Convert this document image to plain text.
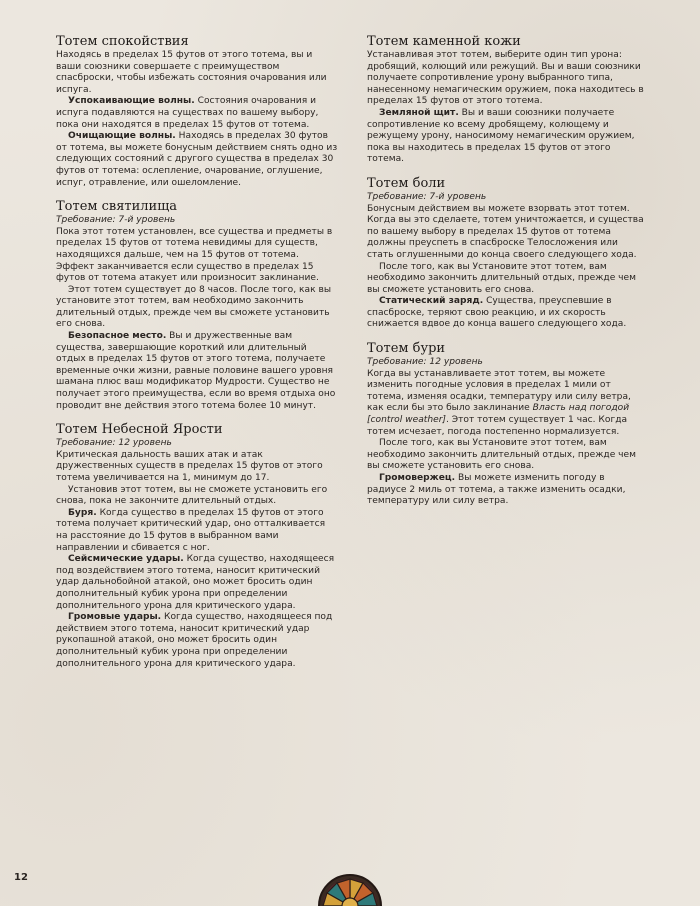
Тотем спокойствия

Находясь в пределах 15 футов от этого тотема, вы и ваши союзники совершаете с преимуществом спасброски, чтобы избежать состояния очарования или испуга.

Успокаивающие волны. Состояния очарования и испуга подавляются на существах по вашему выбору, пока они находятся в пределах 15 футов от тотема.

Очищающие волны. Находясь в пределах 30 футов от тотема, вы можете бонусным действием снять одно из следующих состояний с другого существа в пределах 30 футов от тотема: ослепление, очарование, оглушение, испуг, отравление, или ошеломление.

Тотем святилища

Требование: 7-й уровень

Пока этот тотем установлен, все существа и предметы в пределах 15 футов от тотема невидимы для существ, находящихся дальше, чем на 15 футов от тотема. Эффект заканчивается если существо в пределах 15 футов от тотема атакует или произносит заклинание.

Этот тотем существует до 8 часов. После того, как вы установите этот тотем, вам необходимо закончить длительный отдых, прежде чем вы сможете установить его снова.

Безопасное место. Вы и дружественные вам существа, завершающие короткий или длительный отдых в пределах 15 футов от этого тотема, получаете временные очки жизни, равные половине вашего уровня шамана плюс ваш модификатор Мудрости. Существо не получает этого преимущества, если во время отдыха оно проводит вне действия этого тотема более 10 минут.

Тотем Небесной Ярости

Требование: 12 уровень

Критическая дальность ваших атак и атак дружественных существ в пределах 15 футов от этого тотема увеличивается на 1, минимум до 17.

Установив этот тотем, вы не сможете установить его снова, пока не закончите длительный отдых.

Буря. Когда существо в пределах 15 футов от этого тотема получает критический удар, оно отталкивается на расстояние до 15 футов в выбранном вами направлении и сбивается с ног.

Сейсмические удары. Когда существо, находящееся под воздействием этого тотема, наносит критический удар дальнобойной атакой, оно может бросить один дополнительный кубик урона при определении дополнительного урона для критического удара.

Громовые удары. Когда существо, находящееся под действием этого тотема, наносит критический удар рукопашной атакой, оно может бросить один дополнительный кубик урона при определении дополнительного урона для критического удара.

Тотем каменной кожи

Устанавливая этот тотем, выберите один тип урона: дробящий, колющий или режущий. Вы и ваши союзники получаете сопротивление урону выбранного типа, нанесенному немагическим оружием, пока находитесь в пределах 15 футов от этого тотема.

Земляной щит. Вы и ваши союзники получаете сопротивление ко всему дробящему, колющему и режущему урону, наносимому немагическим оружием, пока вы находитесь в пределах 15 футов от этого тотема.

Тотем боли

Требование: 7-й уровень

Бонусным действием вы можете взорвать этот тотем. Когда вы это сделаете, тотем уничтожается, и существа по вашему выбору в пределах 15 футов от тотема должны преуспеть в спасброске Телосложения или стать оглушенными до конца своего следующего хода.

После того, как вы Установите этот тотем, вам необходимо закончить длительный отдых, прежде чем вы сможете установить его снова.

Статический заряд. Существа, преуспевшие в спасброске, теряют свою реакцию, и их скорость снижается вдвое до конца вашего следующего хода.

Тотем бури

Требование: 12 уровень

Когда вы устанавливаете этот тотем, вы можете изменить погодные условия в пределах 1 мили от тотема, изменяя осадки, температуру или силу ветра, как если бы это было заклинание Власть над погодой [control weather]. Этот тотем существует 1 час. Когда тотем исчезает, погода постепенно нормализуется.

После того, как вы Установите этот тотем, вам необходимо закончить длительный отдых, прежде чем вы сможете установить его снова.

Громовержец. Вы можете изменить погоду в радиусе 2 миль от тотема, а также изменить осадки, температуру или силу ветра.

12
